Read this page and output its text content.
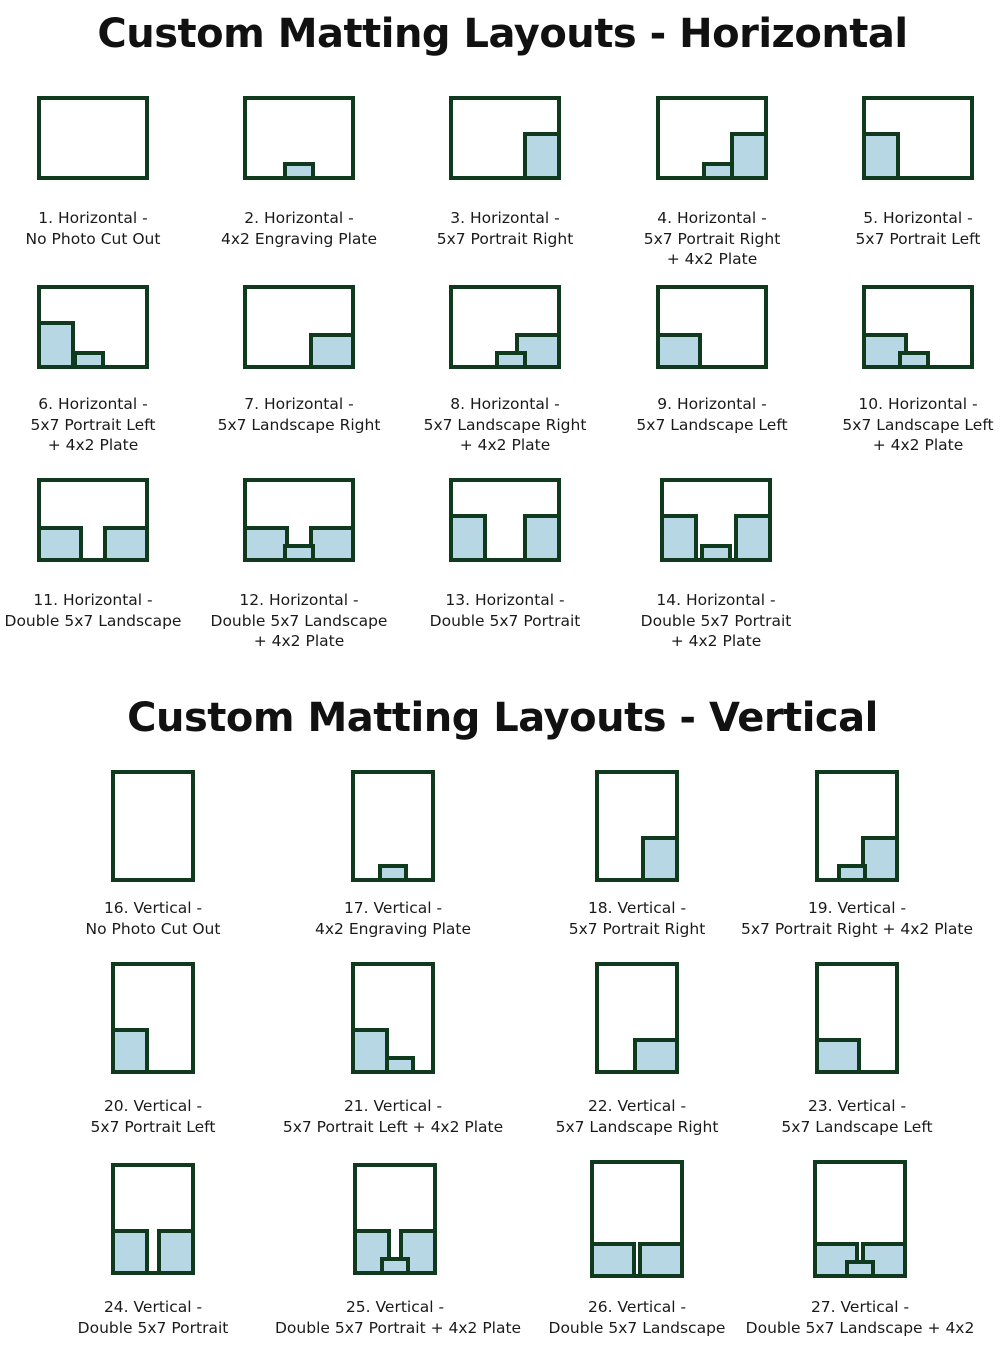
Custom Matting Layouts - Horizontal
1. Horizontal -
No Photo Cut Out
2. Horizontal -
4x2 Engraving Plate
3. Horizontal -
5x7 Portrait Right
4. Horizontal -
5x7 Portrait Right
+ 4x2 Plate
5. Horizontal -
5x7 Portrait Left
6. Horizontal -
5x7 Portrait Left
+ 4x2 Plate
7. Horizontal -
5x7 Landscape Right
8. Horizontal -
5x7 Landscape Right
+ 4x2 Plate
9. Horizontal -
5x7 Landscape Left
10. Horizontal -
5x7 Landscape Left
+ 4x2 Plate
11. Horizontal -
Double 5x7 Landscape
12. Horizontal -
Double 5x7 Landscape
+ 4x2 Plate
13. Horizontal -
Double 5x7 Portrait
14. Horizontal -
Double 5x7 Portrait
+ 4x2 Plate
Custom Matting Layouts - Vertical
16. Vertical -
No Photo Cut Out
17. Vertical -
4x2 Engraving Plate
18. Vertical -
5x7 Portrait Right
19. Vertical -
5x7 Portrait Right + 4x2 Plate
20. Vertical -
5x7 Portrait Left
21. Vertical -
5x7 Portrait Left + 4x2 Plate
22. Vertical -
5x7 Landscape Right
23. Vertical -
5x7 Landscape Left
24. Vertical -
Double 5x7 Portrait
25. Vertical -
Double 5x7 Portrait + 4x2 Plate
26. Vertical -
Double 5x7 Landscape
27. Vertical -
Double 5x7 Landscape + 4x2
